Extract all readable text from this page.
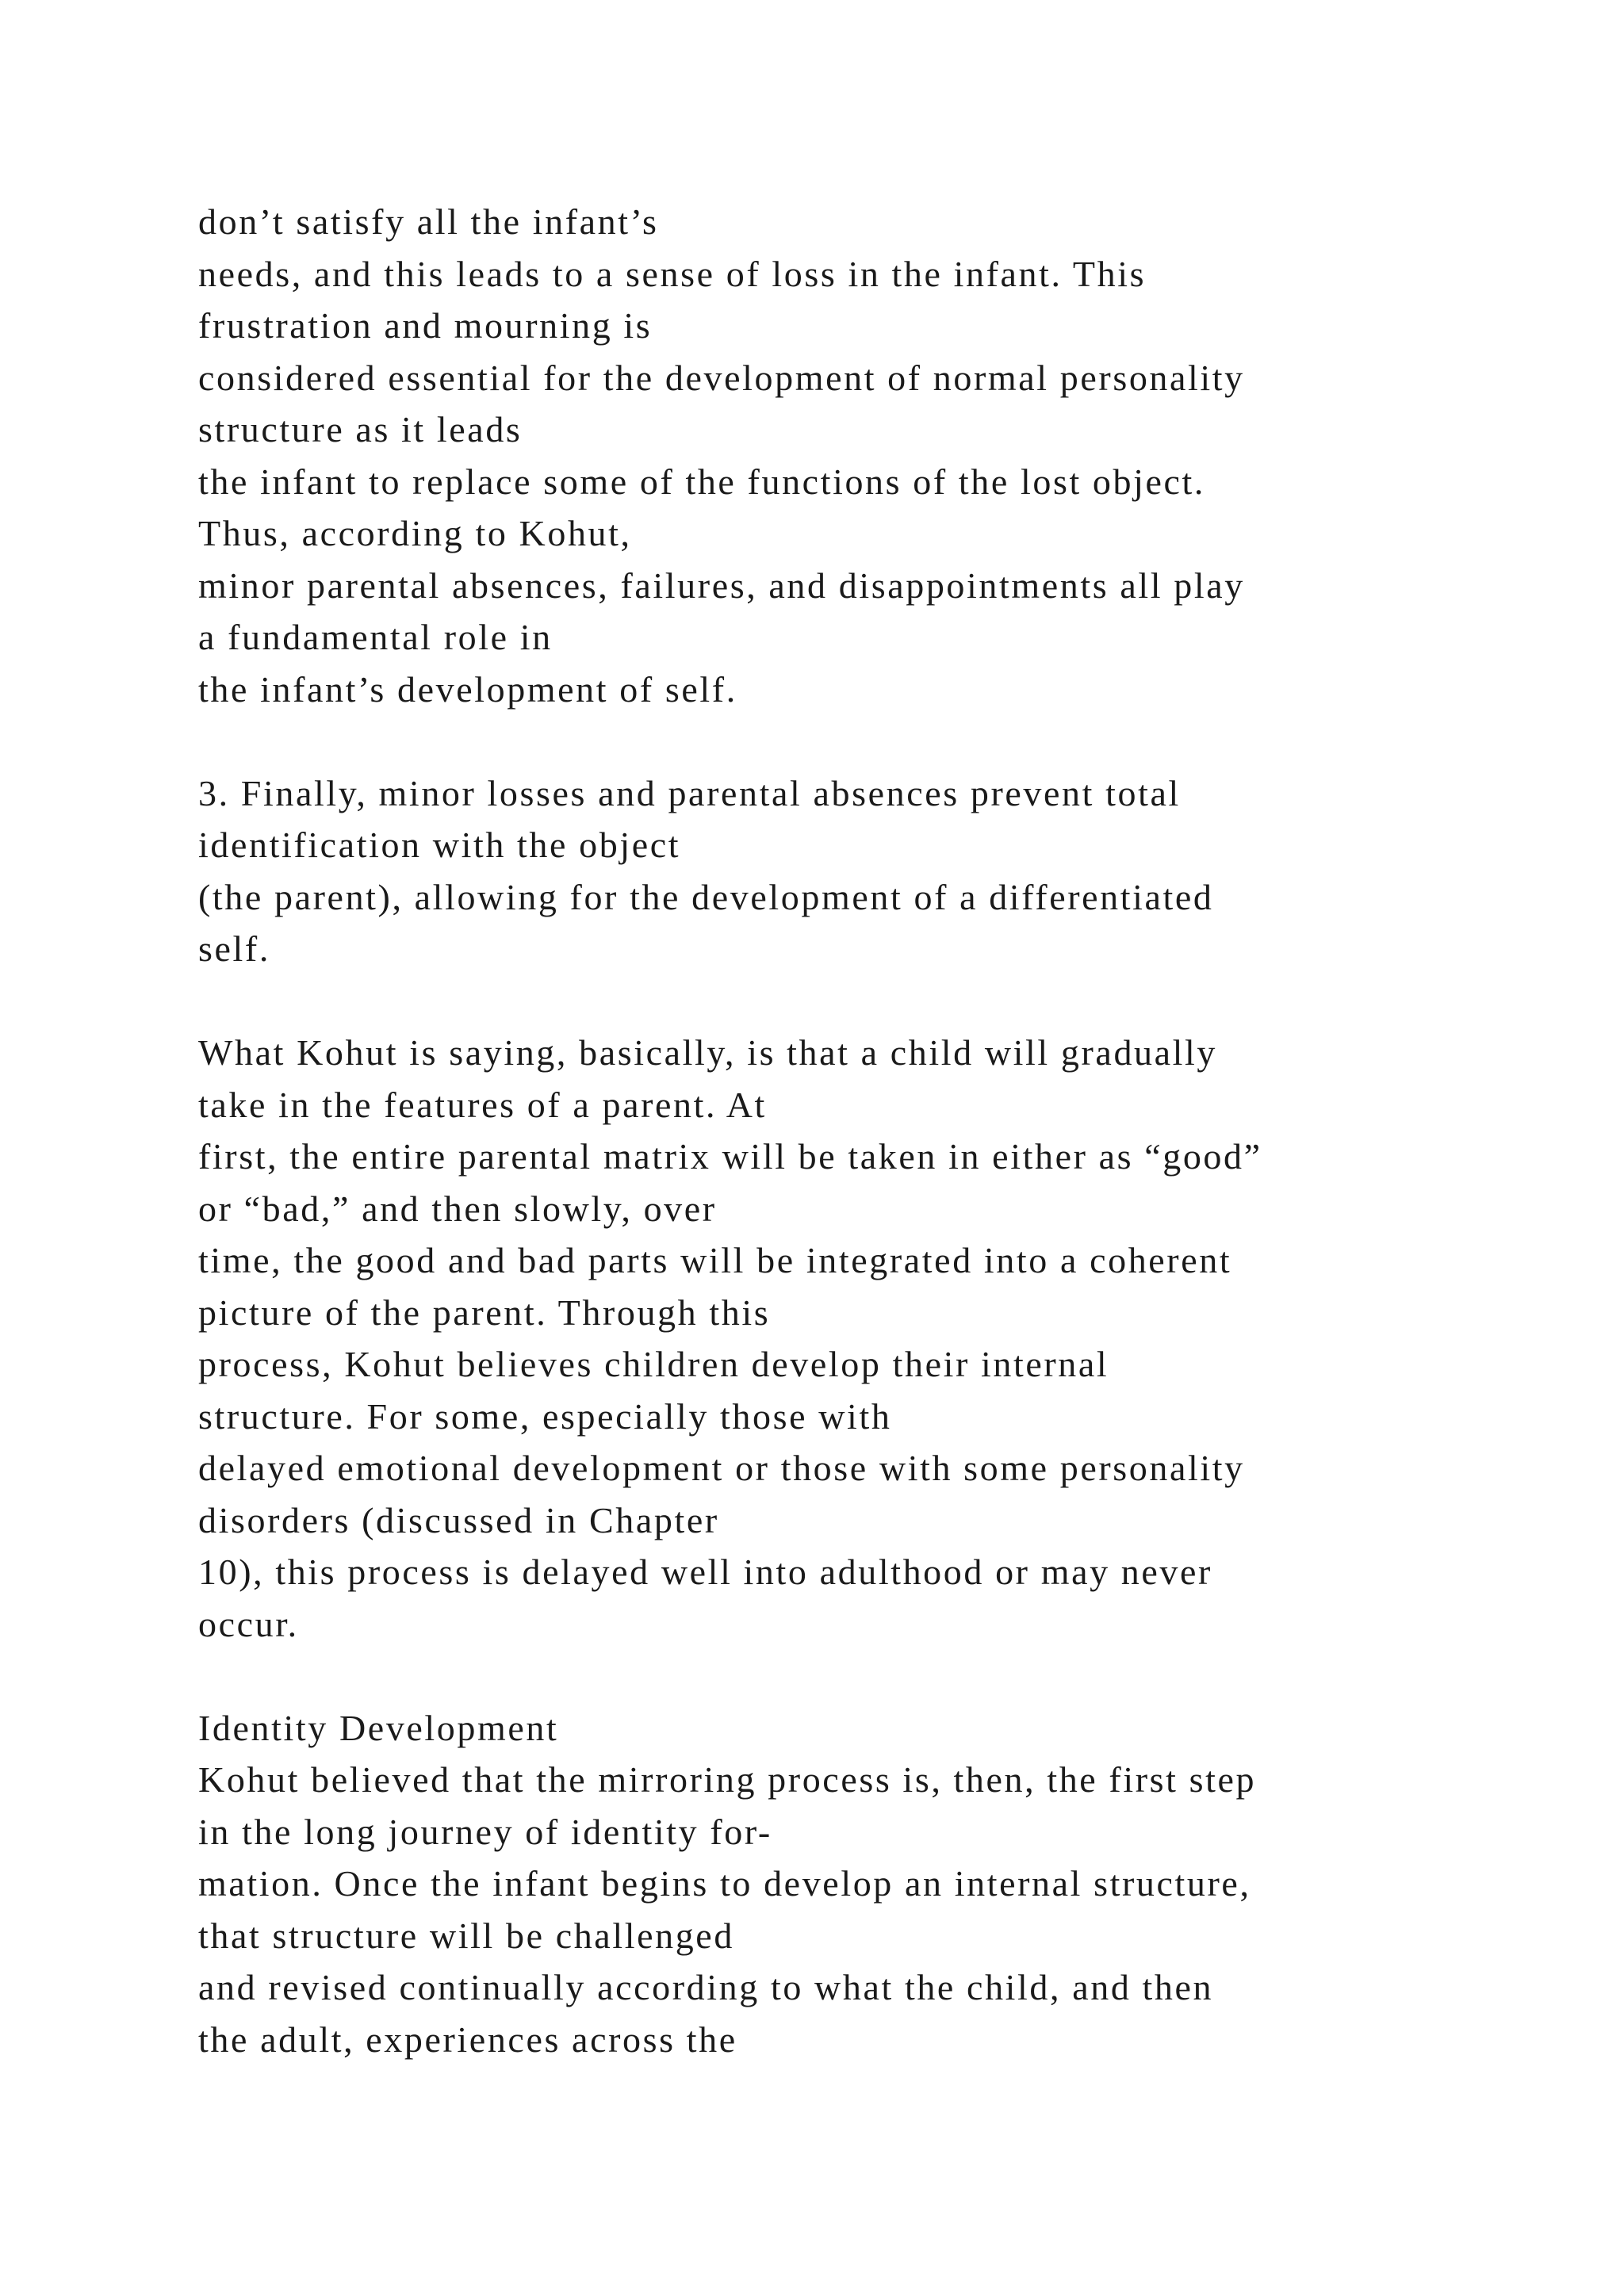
don’t satisfy all the infant’s
needs, and this leads to a sense of loss in the infant. This
frustration and mourning is
considered essential for the development of normal personality
structure as it leads
the infant to replace some of the functions of the lost object.
Thus, according to Kohut,
minor parental absences, failures, and disappointments all play
a fundamental role in
the infant’s development of self.
3. Finally, minor losses and parental absences prevent total
identification with the object
(the parent), allowing for the development of a differentiated
self.
What Kohut is saying, basically, is that a child will gradually
take in the features of a parent. At
first, the entire parental matrix will be taken in either as “good”
or “bad,” and then slowly, over
time, the good and bad parts will be integrated into a coherent
picture of the parent. Through this
process, Kohut believes children develop their internal
structure. For some, especially those with
delayed emotional development or those with some personality
disorders (discussed in Chapter
10), this process is delayed well into adulthood or may never
occur.
Identity Development
Kohut believed that the mirroring process is, then, the first step
in the long journey of identity for-
mation. Once the infant begins to develop an internal structure,
that structure will be challenged
and revised continually according to what the child, and then
the adult, experiences across the
